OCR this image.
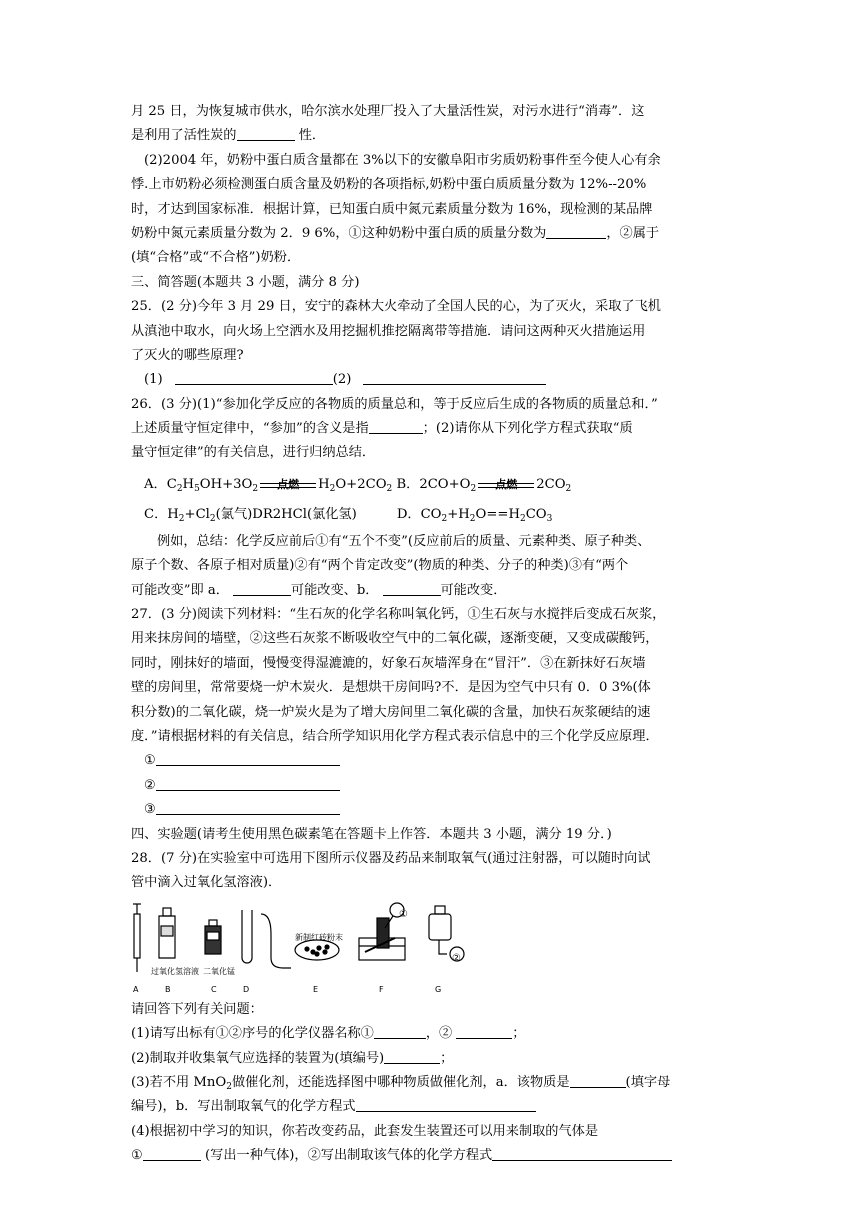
月 25 日，为恢复城市供水，哈尔滨水处理厂投入了大量活性炭，对污水进行“消毒”．这
是利用了活性炭的	性．
(2)2004 年，奶粉中蛋白质含量都在 3%以下的安徽阜阳市劣质奶粉事件至今使人心有余
悸.上市奶粉必须检测蛋白质含量及奶粉的各项指标,奶粉中蛋白质质量分数为 12%--20%
时，才达到国家标准．根据计算，已知蛋白质中氮元素质量分数为 16%，现检测的某品牌
奶粉中氮元素质量分数为 2．9 6%，①这种奶粉中蛋白质的质量分数为	，②属于
(填“合格”或“不合格”)奶粉．
三、简答题(本题共 3 小题，满分 8 分)
25．(2 分)今年 3 月 29 日，安宁的森林大火牵动了全国人民的心，为了灭火，采取了飞机
从滇池中取水，向火场上空洒水及用挖掘机推挖隔离带等措施．请问这两种灭火措施运用
了灭火的哪些原理?
(1)	(2)
26．(3 分)(1)“参加化学反应的各物质的质量总和，等于反应后生成的各物质的质量总和．”
上述质量守恒定律中，“参加”的含义是指	；(2)请你从下列化学方程式获取“质
量守恒定律”的有关信息，进行归纳总结．
A．$C_2H_5OH+3O_2$	点燃	$H_2O+2CO_2$ B．$2CO+O_2$	点燃	$2CO_2$
C．$H_2+Cl_2$(氯气)DR2HCl(氯化氢)	D．$CO_2+H_2O==H_2CO_3$
例如，总结：化学反应前后①有“五个不变”(反应前后的质量、元素种类、原子种类、
原子个数、各原子相对质量)②有“两个肯定改变”(物质的种类、分子的种类)③有“两个
可能改变”即 a．	可能改变、b．	可能改变．
27．(3 分)阅读下列材料：“生石灰的化学名称叫氧化钙，①生石灰与水搅拌后变成石灰浆，
用来抹房间的墙壁，②这些石灰浆不断吸收空气中的二氧化碳，逐渐变硬，又变成碳酸钙，
同时，刚抹好的墙面，慢慢变得湿漉漉的，好象石灰墙浑身在“冒汗”．③在新抹好石灰墙
壁的房间里，常常要烧一炉木炭火．是想烘干房间吗?不．是因为空气中只有 0．0 3%(体
积分数)的二氧化碳，烧一炉炭火是为了增大房间里二氧化碳的含量，加快石灰浆硬结的速
度．”请根据材料的有关信息，结合所学知识用化学方程式表示信息中的三个化学反应原理．
①
②
③
四、实验题(请考生使用黑色碳素笔在答题卡上作答．本题共 3 小题，满分 19 分．)
28．(7 分)在实验室中可选用下图所示仪器及药品来制取氧气(通过注射器，可以随时向试
管中滴入过氧化氢溶液)．
①
②
过氧化氢溶液 二氧化锰
新制红砖粉末
A	B	C	D	E	F	G
请回答下列有关问题：
(1)请写出标有①②序号的化学仪器名称①	，②	；
(2)制取并收集氧气应选择的装置为(填编号)	；
(3)若不用 MnO$_2$做催化剂，还能选择图中哪种物质做催化剂，a．该物质是	(填字母
编号)，b．写出制取氧气的化学方程式
(4)根据初中学习的知识，你若改变药品，此套发生装置还可以用来制取的气体是
①	(写出一种气体)，②写出制取该气体的化学方程式
